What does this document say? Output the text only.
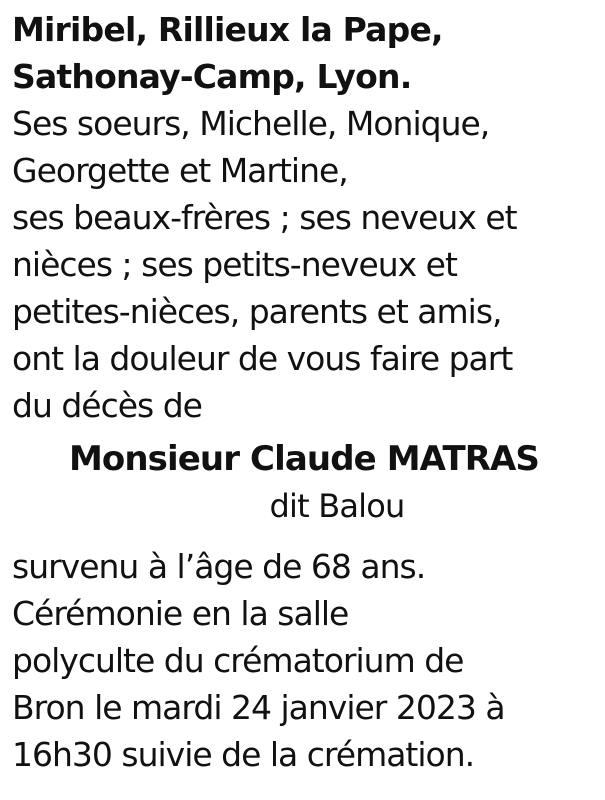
Miribel, Rillieux la Pape,
Sathonay-Camp, Lyon.
Ses soeurs, Michelle, Monique,
Georgette et Martine,
ses beaux-frères ; ses neveux et
nièces ; ses petits-neveux et
petites-nièces, parents et amis,
ont la douleur de vous faire part
du décès de
Monsieur Claude MATRAS
dit Balou
survenu à l’âge de 68 ans.
Cérémonie en la salle
polyculte du crématorium de
Bron le mardi 24 janvier 2023 à
16h30 suivie de la crémation.
